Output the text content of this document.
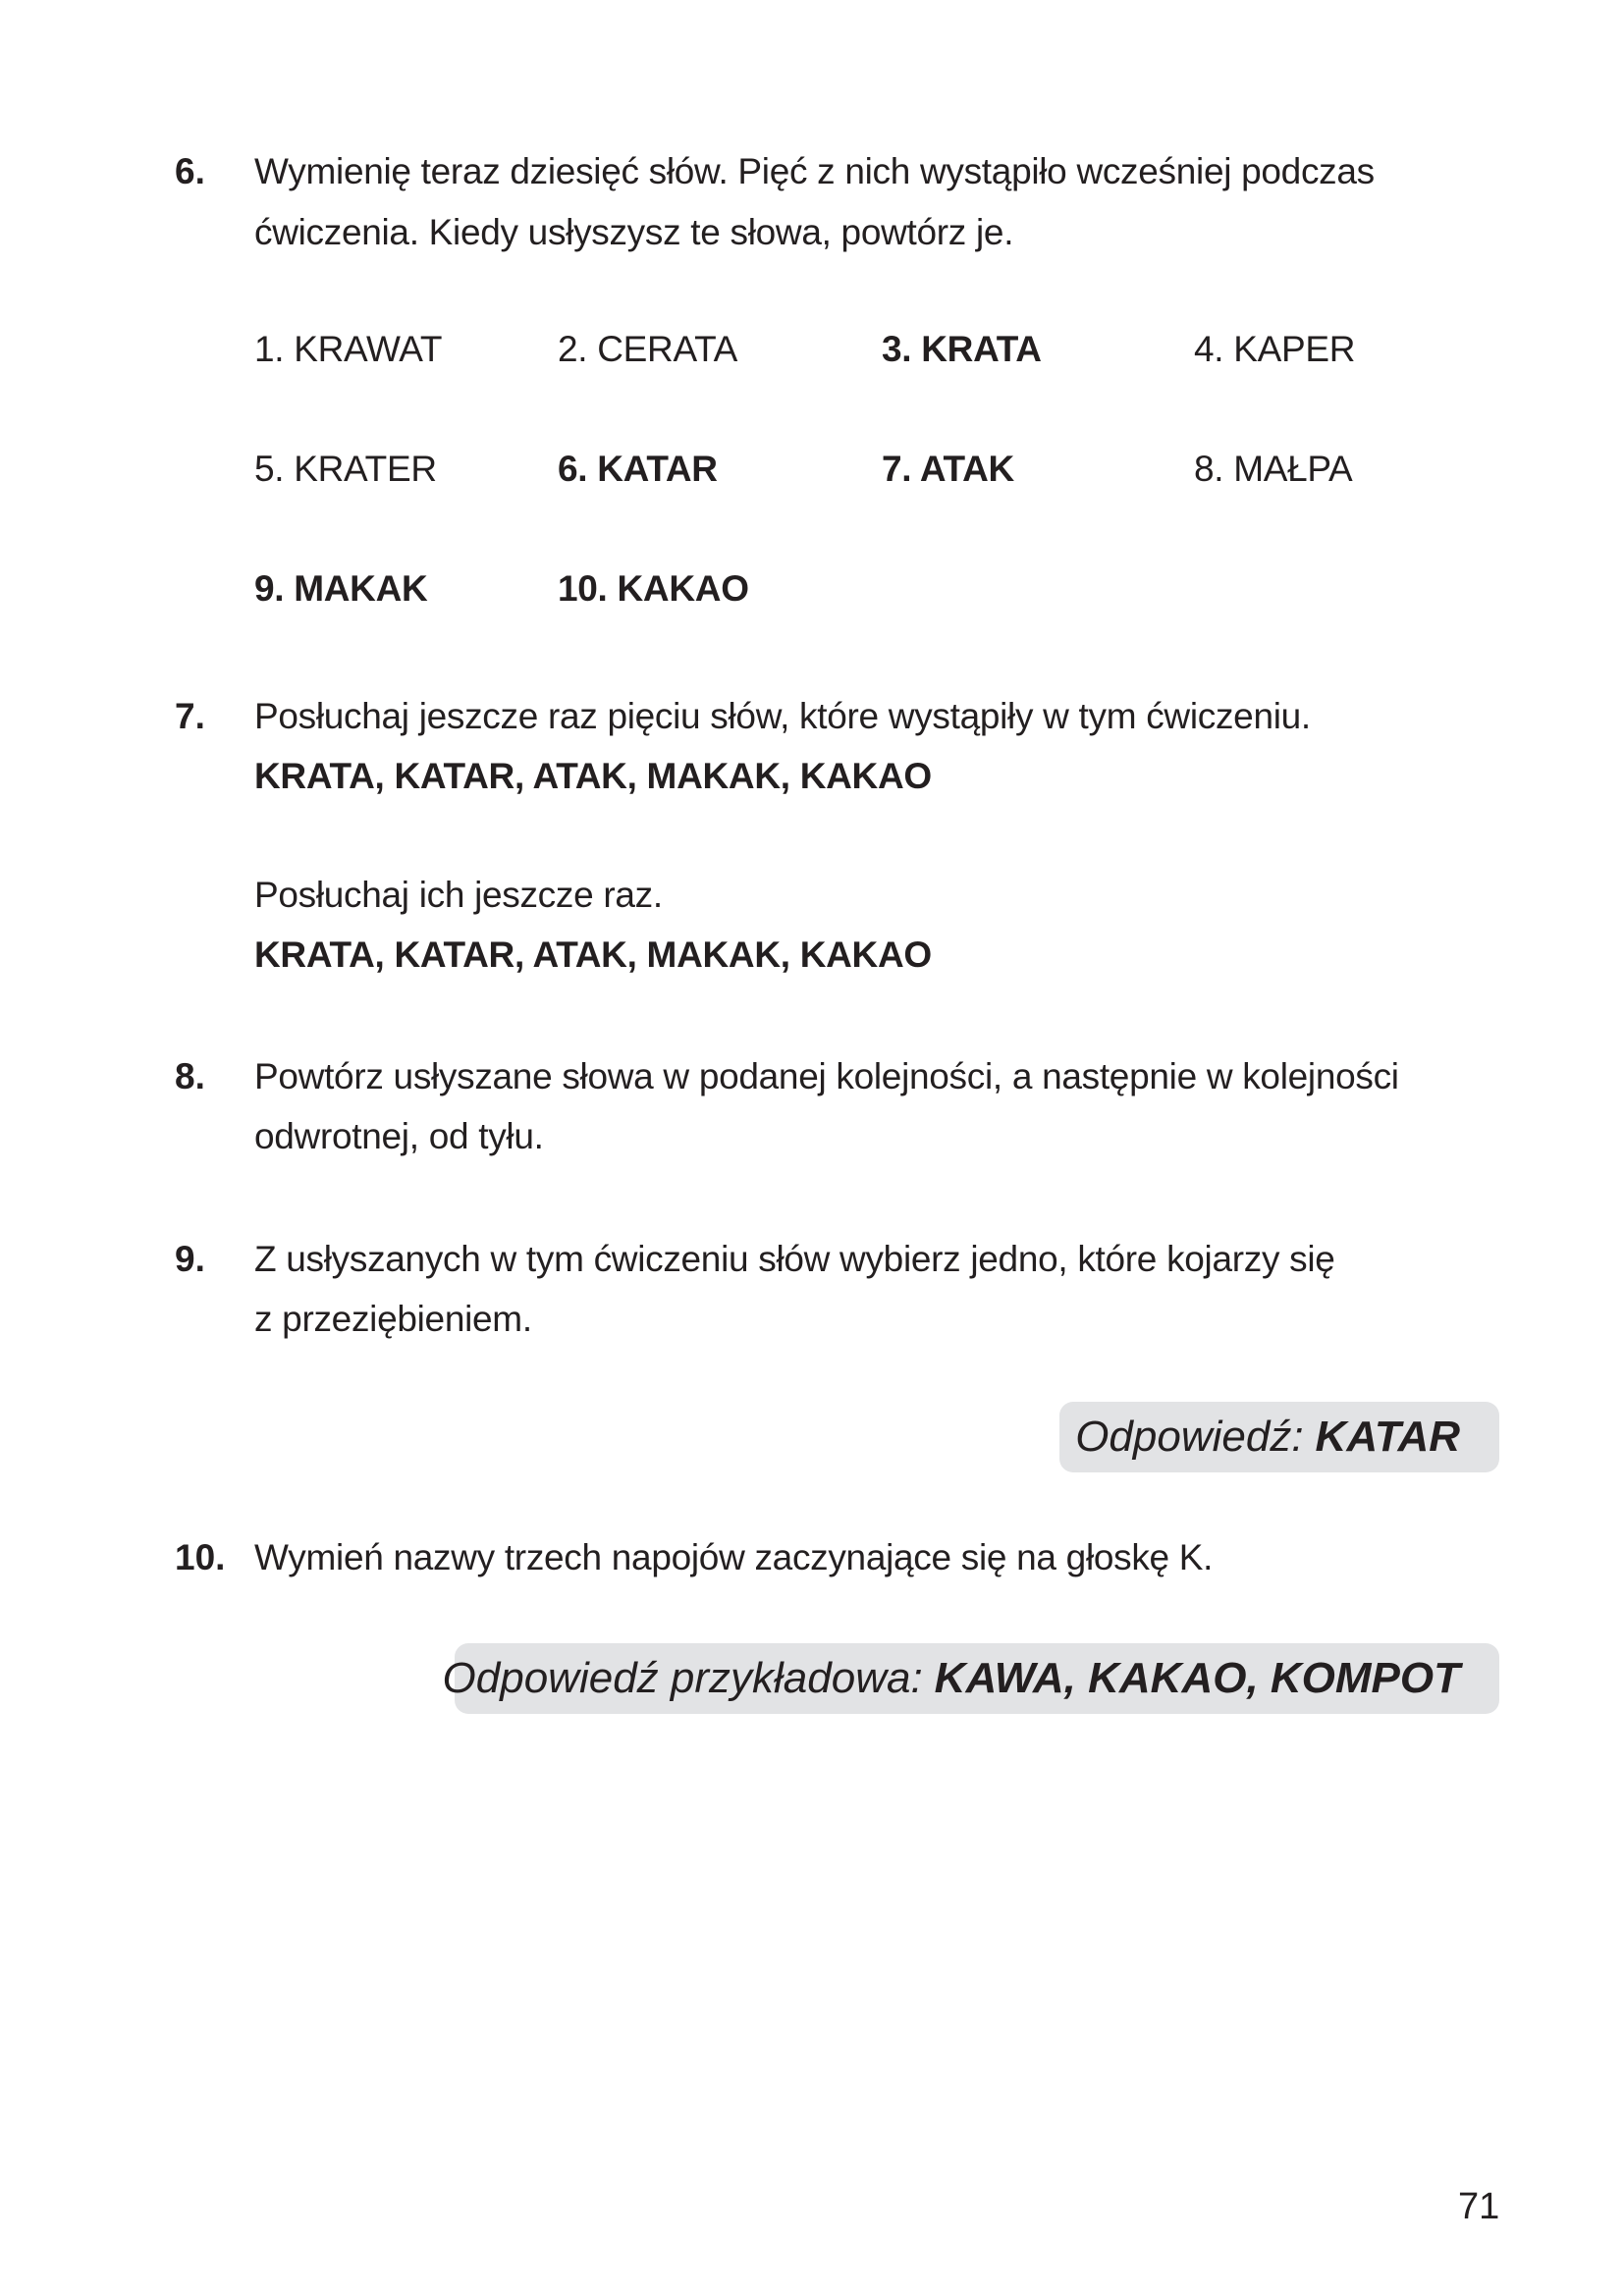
6. Wymienię teraz dziesięć słów. Pięć z nich wystąpiło wcześniej podczas
ćwiczenia. Kiedy usłyszysz te słowa, powtórz je.
1. KRAWAT	2. CERATA	3. KRATA	4. KAPER
5. KRATER	6. KATAR	7. ATAK	8. MAŁPA
9. MAKAK	10. KAKAO
7. Posłuchaj jeszcze raz pięciu słów, które wystąpiły w tym ćwiczeniu.
KRATA, KATAR, ATAK, MAKAK, KAKAO
Posłuchaj ich jeszcze raz.
KRATA, KATAR, ATAK, MAKAK, KAKAO
8. Powtórz usłyszane słowa w podanej kolejności, a następnie w kolejności
odwrotnej, od tyłu.
9. Z usłyszanych w tym ćwiczeniu słów wybierz jedno, które kojarzy się
z przeziębieniem.
Odpowiedź: KATAR
10. Wymień nazwy trzech napojów zaczynające się na głoskę K.
Odpowiedź przykładowa: KAWA, KAKAO, KOMPOT
71
